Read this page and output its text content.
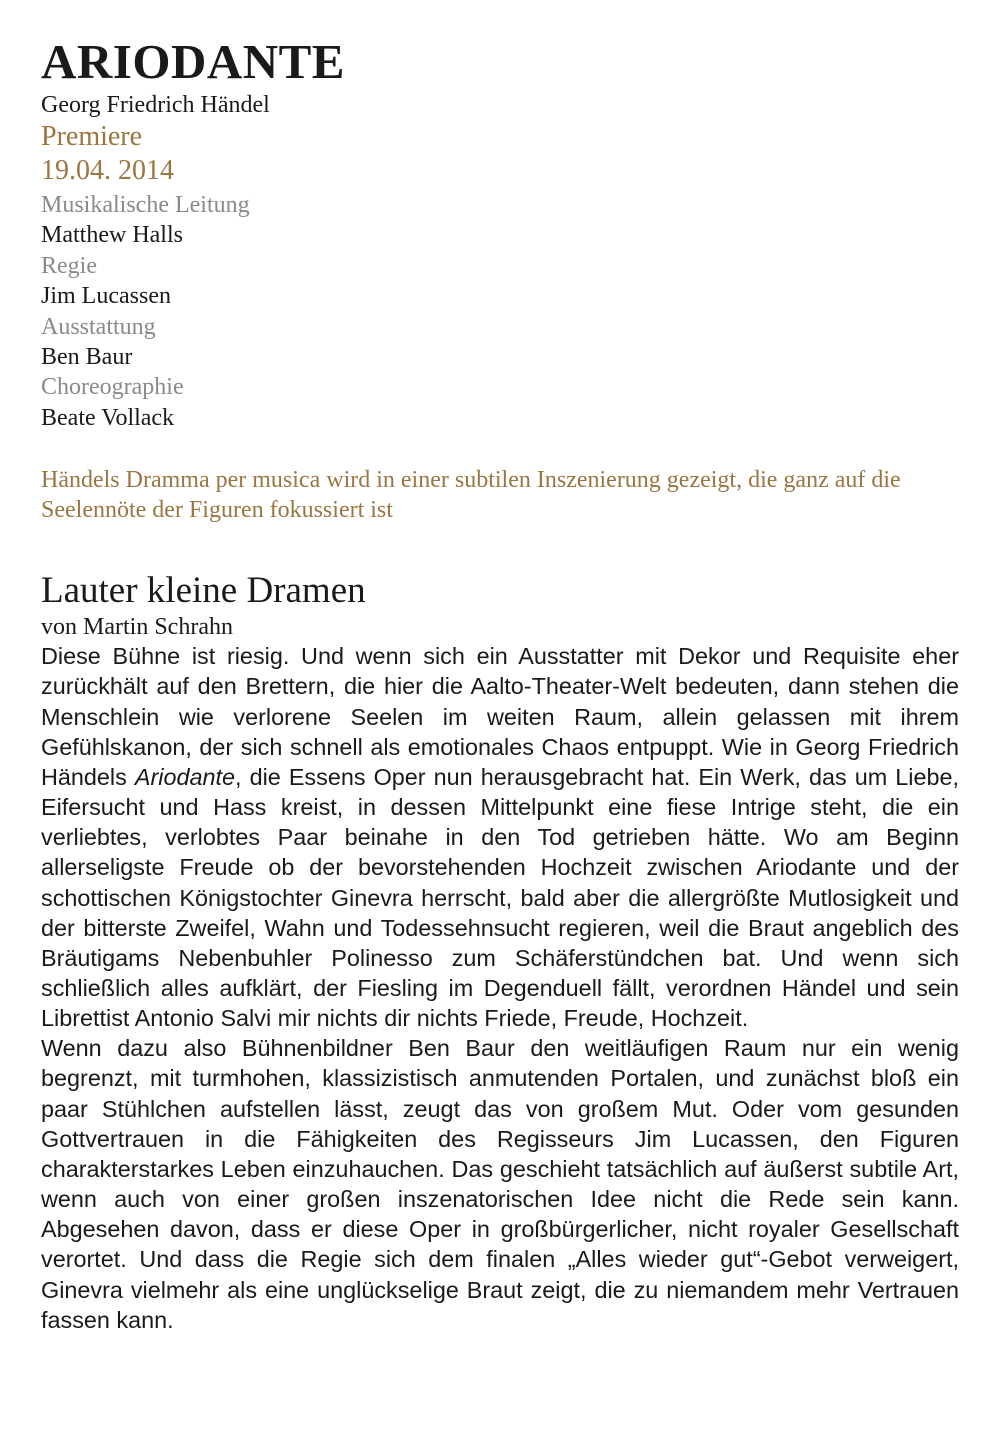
ARIODANTE
Georg Friedrich Händel
Premiere
19.04. 2014
Musikalische Leitung
Matthew Halls
Regie
Jim Lucassen
Ausstattung
Ben Baur
Choreographie
Beate Vollack
Händels Dramma per musica wird in einer subtilen Inszenierung gezeigt, die ganz auf die Seelennöte der Figuren fokussiert ist
Lauter kleine Dramen
von Martin Schrahn

Diese Bühne ist riesig. Und wenn sich ein Ausstatter mit Dekor und Requisite eher zurückhält auf den Brettern, die hier die Aalto-Theater-Welt bedeuten, dann stehen die Menschlein wie verlorene Seelen im weiten Raum, allein gelassen mit ihrem Gefühlskanon, der sich schnell als emotionales Chaos entpuppt. Wie in Georg Friedrich Händels Ariodante, die Essens Oper nun herausgebracht hat. Ein Werk, das um Liebe, Eifersucht und Hass kreist, in dessen Mittelpunkt eine fiese Intrige steht, die ein verliebtes, verlobtes Paar beinahe in den Tod getrieben hätte. Wo am Beginn allerseligste Freude ob der bevorstehenden Hochzeit zwischen Ariodante und der schottischen Königstochter Ginevra herrscht, bald aber die allergrößte Mutlosigkeit und der bitterste Zweifel, Wahn und Todessehnsucht regieren, weil die Braut angeblich des Bräutigams Nebenbuhler Polinesso zum Schäferstündchen bat. Und wenn sich schließlich alles aufklärt, der Fiesling im Degenduell fällt, verordnen Händel und sein Librettist Antonio Salvi mir nichts dir nichts Friede, Freude, Hochzeit.

Wenn dazu also Bühnenbildner Ben Baur den weitläufigen Raum nur ein wenig begrenzt, mit turmhohen, klassizistisch anmutenden Portalen, und zunächst bloß ein paar Stühlchen aufstellen lässt, zeugt das von großem Mut. Oder vom gesunden Gottvertrauen in die Fähigkeiten des Regisseurs Jim Lucassen, den Figuren charakterstarkes Leben einzuhauchen. Das geschieht tatsächlich auf äußerst subtile Art, wenn auch von einer großen inszenatorischen Idee nicht die Rede sein kann. Abgesehen davon, dass er diese Oper in großbürgerlicher, nicht royaler Gesellschaft verortet. Und dass die Regie sich dem finalen „Alles wieder gut“-Gebot verweigert, Ginevra vielmehr als eine unglückselige Braut zeigt, die zu niemandem mehr Vertrauen fassen kann.
